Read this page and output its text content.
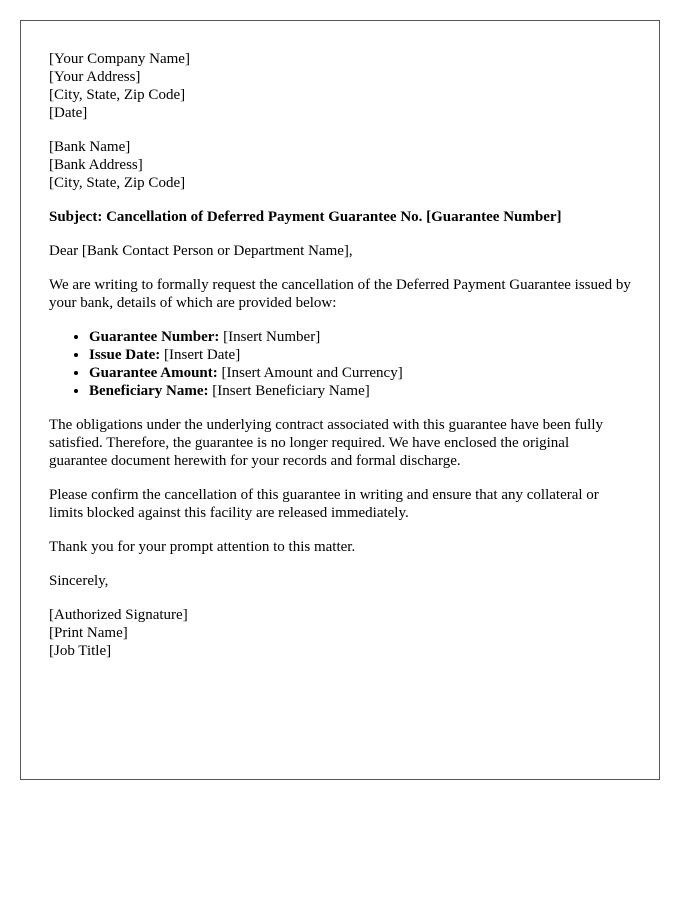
[Your Company Name]
[Your Address]
[City, State, Zip Code]
[Date]
[Bank Name]
[Bank Address]
[City, State, Zip Code]
Subject: Cancellation of Deferred Payment Guarantee No. [Guarantee Number]

Dear [Bank Contact Person or Department Name],

We are writing to formally request the cancellation of the Deferred Payment Guarantee issued by your bank, details of which are provided below:

• Guarantee Number: [Insert Number]
• Issue Date: [Insert Date]
• Guarantee Amount: [Insert Amount and Currency]
• Beneficiary Name: [Insert Beneficiary Name]

The obligations under the underlying contract associated with this guarantee have been fully satisfied. Therefore, the guarantee is no longer required. We have enclosed the original guarantee document herewith for your records and formal discharge.

Please confirm the cancellation of this guarantee in writing and ensure that any collateral or limits blocked against this facility are released immediately.

Thank you for your prompt attention to this matter.

Sincerely,

[Authorized Signature]
[Print Name]
[Job Title]
